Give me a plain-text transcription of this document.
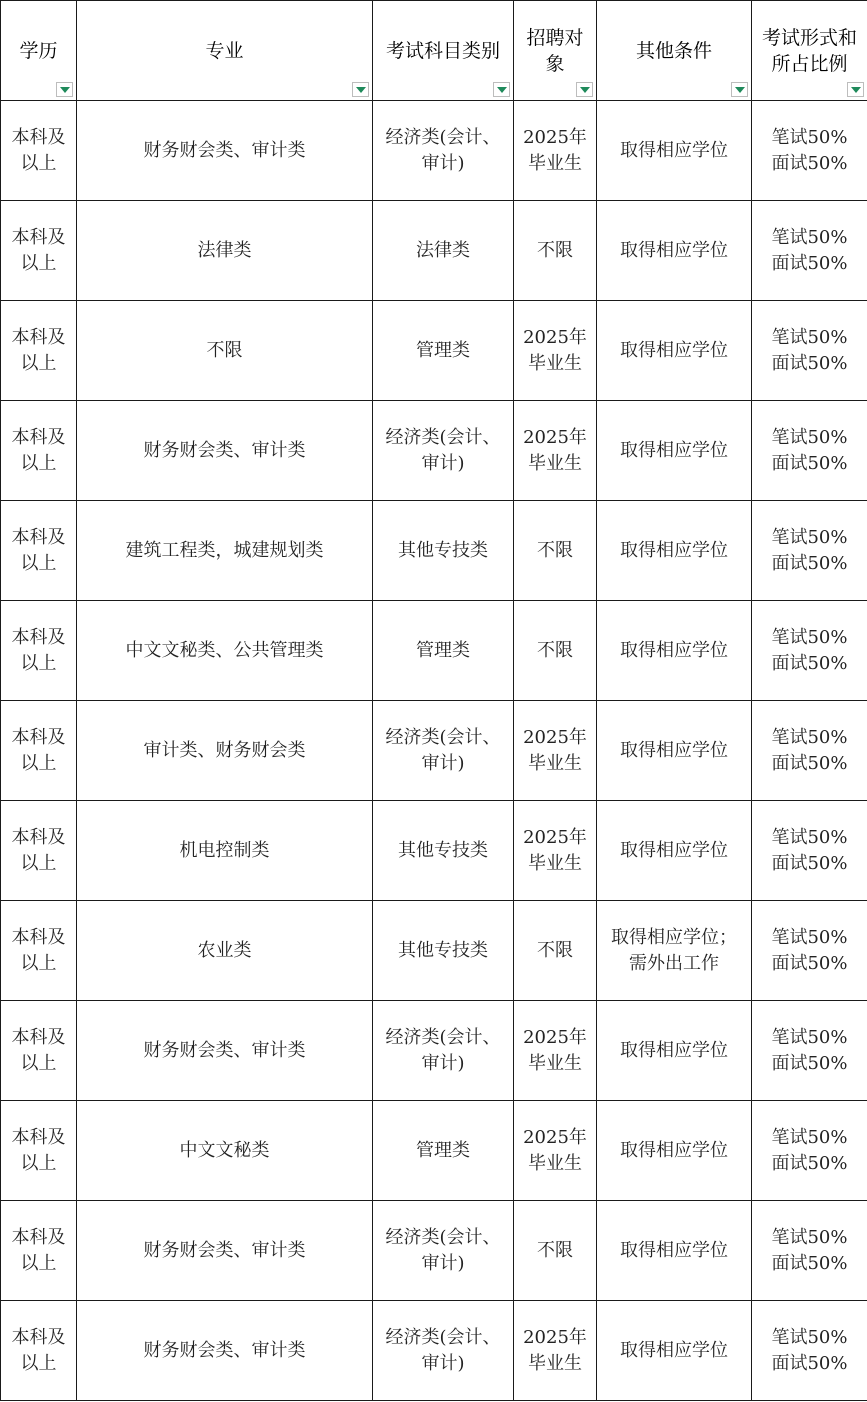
学历	专业	考试科目类别	招聘对
象	其他条件	考试形式和
所占比例

本科及
以上	财务财会类、审计类	经济类(会计、
审计)	2025年
毕业生	取得相应学位	笔试50%
面试50%
本科及
以上	法律类	法律类	不限	取得相应学位	笔试50%
面试50%
本科及
以上	不限	管理类	2025年
毕业生	取得相应学位	笔试50%
面试50%
本科及
以上	财务财会类、审计类	经济类(会计、
审计)	2025年
毕业生	取得相应学位	笔试50%
面试50%
本科及
以上	建筑工程类，城建规划类	其他专技类	不限	取得相应学位	笔试50%
面试50%
本科及
以上	中文文秘类、公共管理类	管理类	不限	取得相应学位	笔试50%
面试50%
本科及
以上	审计类、财务财会类	经济类(会计、
审计)	2025年
毕业生	取得相应学位	笔试50%
面试50%
本科及
以上	机电控制类	其他专技类	2025年
毕业生	取得相应学位	笔试50%
面试50%
本科及
以上	农业类	其他专技类	不限	取得相应学位；
需外出工作	笔试50%
面试50%
本科及
以上	财务财会类、审计类	经济类(会计、
审计)	2025年
毕业生	取得相应学位	笔试50%
面试50%
本科及
以上	中文文秘类	管理类	2025年
毕业生	取得相应学位	笔试50%
面试50%
本科及
以上	财务财会类、审计类	经济类(会计、
审计)	不限	取得相应学位	笔试50%
面试50%
本科及
以上	财务财会类、审计类	经济类(会计、
审计)	2025年
毕业生	取得相应学位	笔试50%
面试50%
